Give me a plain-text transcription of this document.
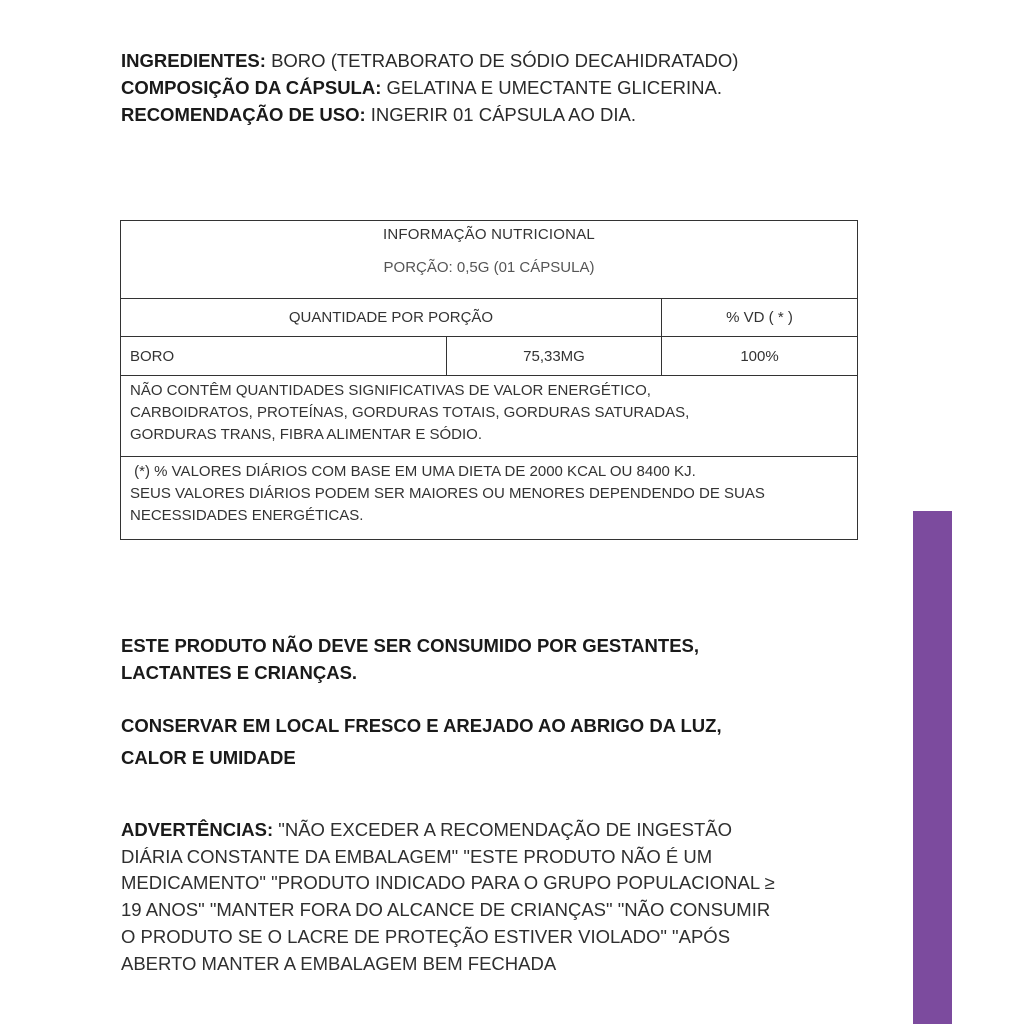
INGREDIENTES: BORO (TETRABORATO DE SÓDIO DECAHIDRATADO)
COMPOSIÇÃO DA CÁPSULA: GELATINA E UMECTANTE GLICERINA.
RECOMENDAÇÃO DE USO: INGERIR 01 CÁPSULA AO DIA.
INFORMAÇÃO NUTRICIONAL
PORÇÃO: 0,5G (01 CÁPSULA)		

QUANTIDADE POR PORÇÃO		% VD ( * )
BORO	75,33MG	100%

NÃO CONTÊM QUANTIDADES SIGNIFICATIVAS DE VALOR ENERGÉTICO,
CARBOIDRATOS, PROTEÍNAS, GORDURAS TOTAIS, GORDURAS SATURADAS,
GORDURAS TRANS, FIBRA ALIMENTAR E SÓDIO.		

(*) % VALORES DIÁRIOS COM BASE EM UMA DIETA DE 2000 KCAL OU 8400 KJ.
SEUS VALORES DIÁRIOS PODEM SER MAIORES OU MENORES DEPENDENDO DE SUAS
NECESSIDADES ENERGÉTICAS.		
ESTE PRODUTO NÃO DEVE SER CONSUMIDO POR GESTANTES,
LACTANTES E CRIANÇAS.
CONSERVAR EM LOCAL FRESCO E AREJADO AO ABRIGO DA LUZ,
CALOR E UMIDADE
ADVERTÊNCIAS: "NÃO EXCEDER A RECOMENDAÇÃO DE INGESTÃO
DIÁRIA CONSTANTE DA EMBALAGEM" "ESTE PRODUTO NÃO É UM
MEDICAMENTO" "PRODUTO INDICADO PARA O GRUPO POPULACIONAL ≥
19 ANOS" "MANTER FORA DO ALCANCE DE CRIANÇAS" "NÃO CONSUMIR
O PRODUTO SE O LACRE DE PROTEÇÃO ESTIVER VIOLADO" "APÓS
ABERTO MANTER A EMBALAGEM BEM FECHADA
